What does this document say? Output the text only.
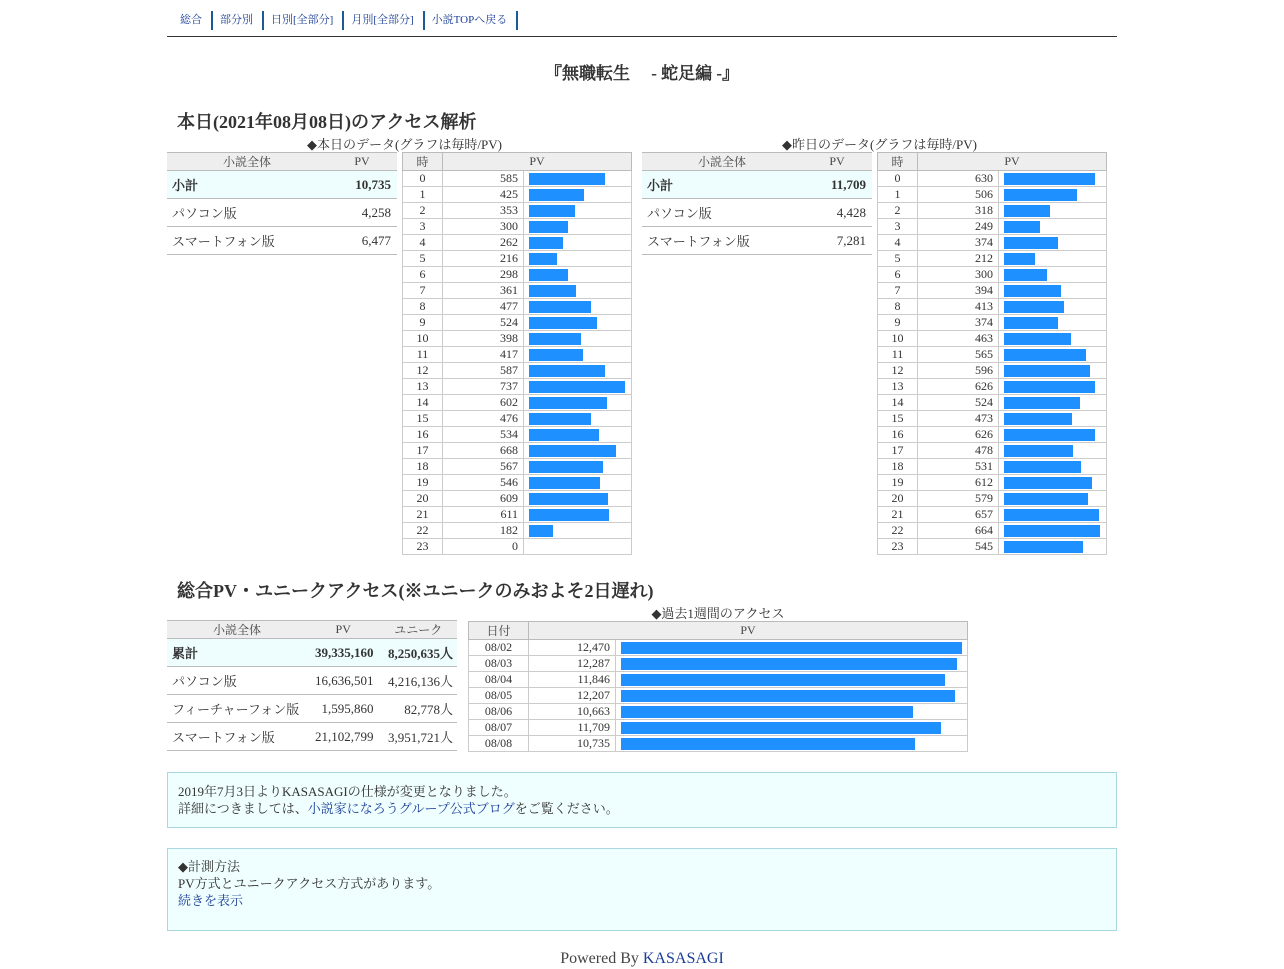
総合 部分別 日別[全部分] 月別[全部分] 小説TOPへ戻る
『無職転生　 - 蛇足編 -』
本日(2021年08月08日)のアクセス解析
◆本日のデータ(グラフは毎時/PV)	◆昨日のデータ(グラフは毎時/PV)
小説全体	PV
小計	10,735
パソコン版	4,258
スマートフォン版	6,477
時	PV	
0	585	

1	425	

2	353	

3	300	

4	262	

5	216	

6	298	

7	361	

8	477	

9	524	

10	398	

11	417	

12	587	

13	737	

14	602	

15	476	

16	534	

17	668	

18	567	

19	546	

20	609	

21	611	

22	182	

23	0	
小説全体	PV
小計	11,709
パソコン版	4,428
スマートフォン版	7,281
時	PV	
0	630	

1	506	

2	318	

3	249	

4	374	

5	212	

6	300	

7	394	

8	413	

9	374	

10	463	

11	565	

12	596	

13	626	

14	524	

15	473	

16	626	

17	478	

18	531	

19	612	

20	579	

21	657	

22	664	

23	545	
総合PV・ユニークアクセス(※ユニークのみおよそ2日遅れ)
◆過去1週間のアクセス
小説全体	PV	ユニーク
累計	39,335,160	8,250,635人
パソコン版	16,636,501	4,216,136人
フィーチャーフォン版	1,595,860	82,778人
スマートフォン版	21,102,799	3,951,721人
日付	PV	
08/02	12,470	

08/03	12,287	

08/04	11,846	

08/05	12,207	

08/06	10,663	

08/07	11,709	

08/08	10,735	
2019年7月3日よりKASASAGIの仕様が変更となりました。
詳細につきましては、小説家になろうグループ公式ブログをご覧ください。
◆計測方法
PV方式とユニークアクセス方式があります。
続きを表示
Powered By KASASAGI
